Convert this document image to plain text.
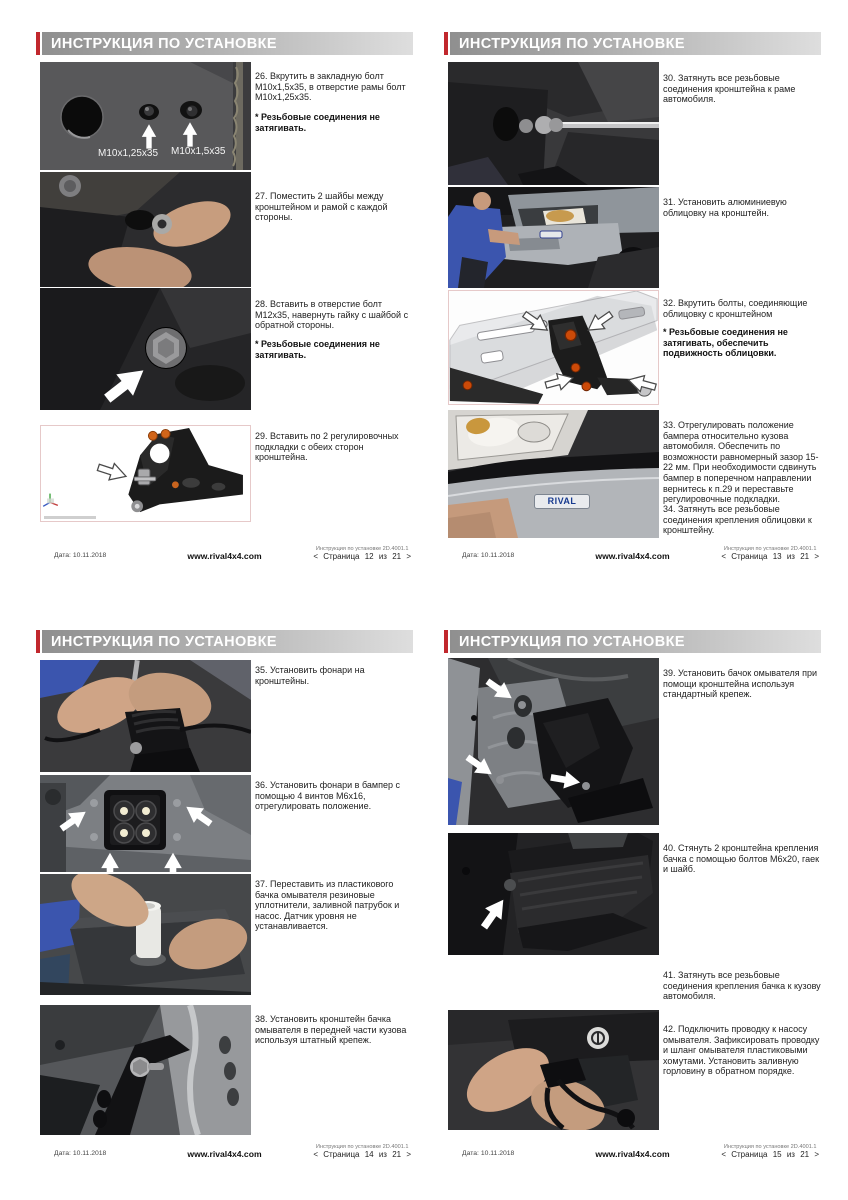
ИНСТРУКЦИЯ ПО УСТАНОВКЕ
M10x1,25x35 M10x1,5x35

26. Вкрутить в закладную болт M10x1,5x35, в отверстие рамы болт M10x1,25x35.

* Резьбовые соединения не затягивать.

27. Поместить 2 шайбы между кронштейном и рамой с каждой стороны.

28. Вставить в отверстие болт M12x35, навернуть гайку с шайбой с обратной стороны.

* Резьбовые соединения не затягивать.

29. Вставить по 2 регулировочных подкладки с обеих сторон кронштейна.

Дата: 10.11.2018	www.rival4x4.com
Инструкция по установке 2D.4001.1
< Страница 12 из 21 >
ИНСТРУКЦИЯ ПО УСТАНОВКЕ
RIVAL

30. Затянуть все резьбовые соединения кронштейна к раме автомобиля.

31. Установить алюминиевую облицовку на кронштейн.

32. Вкрутить болты, соединяющие облицовку с кронштейном

* Резьбовые соединения не затягивать, обеспечить подвижность облицовки.

33. Отрегулировать положение бампера относительно кузова автомобиля. Обеспечить по возможности равномерный зазор 15-22 мм. При необходимости сдвинуть бампер в поперечном направлении вернитесь к п.29 и переставьте регулировочные подкладки.

34. Затянуть все резьбовые соединения крепления облицовки к кронштейну.

Дата: 10.11.2018	www.rival4x4.com
Инструкция по установке 2D.4001.1
< Страница 13 из 21 >
ИНСТРУКЦИЯ ПО УСТАНОВКЕ

35. Установить фонари на кронштейны.

36. Установить фонари в бампер с помощью 4 винтов M6x16, отрегулировать положение.

37. Переставить из пластикового бачка омывателя резиновые уплотнители, заливной патрубок и насос. Датчик уровня не устанавливается.

38. Установить кронштейн бачка омывателя в передней части кузова используя штатный крепеж.

Дата: 10.11.2018	www.rival4x4.com
Инструкция по установке 2D.4001.1
< Страница 14 из 21 >
ИНСТРУКЦИЯ ПО УСТАНОВКЕ

39. Установить бачок омывателя при помощи кронштейна используя стандартный крепеж.

40. Стянуть 2 кронштейна крепления бачка с помощью болтов M6x20, гаек и шайб.

41. Затянуть все резьбовые соединения крепления бачка к кузову автомобиля.

42. Подключить проводку к насосу омывателя. Зафиксировать проводку и шланг омывателя пластиковыми хомутами. Установить заливную горловину в обратном порядке.

Дата: 10.11.2018	www.rival4x4.com
Инструкция по установке 2D.4001.1
< Страница 15 из 21 >
